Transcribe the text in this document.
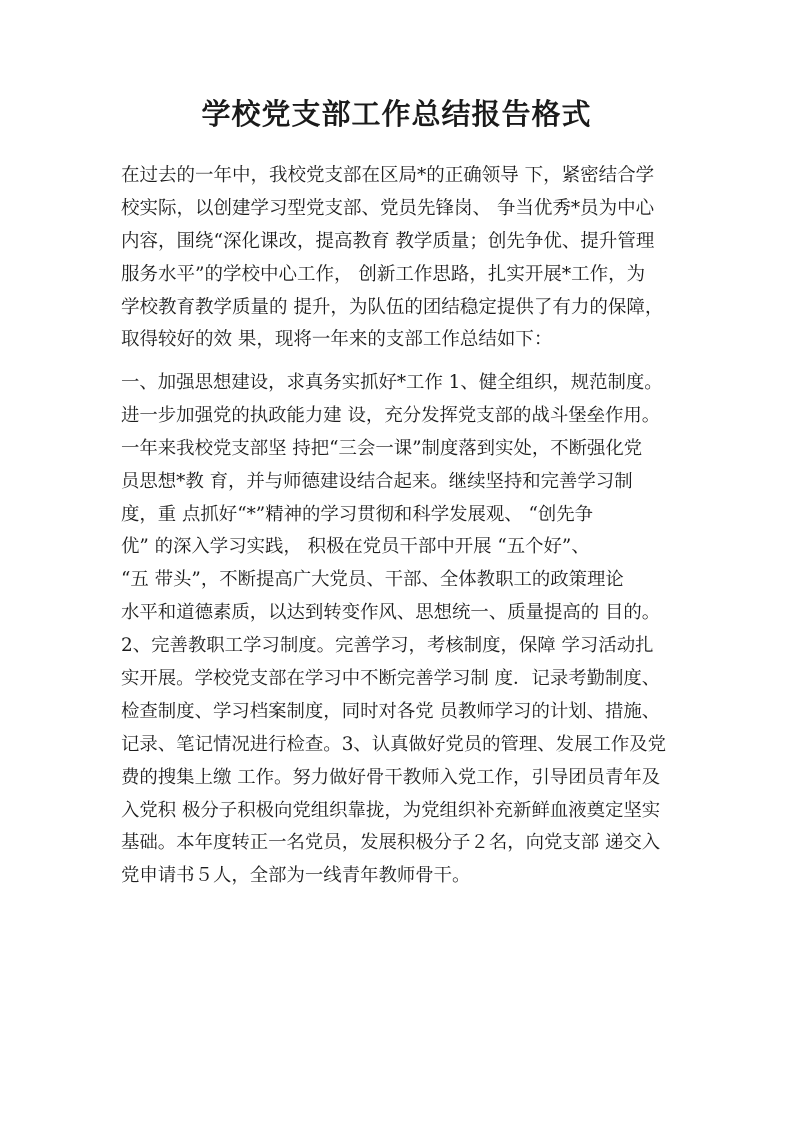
学校党支部工作总结报告格式
在过去的一年中，我校党支部在区局*的正确领导 下，紧密结合学
校实际，以创建学习型党支部、党员先锋岗、 争当优秀*员为中心
内容，围绕“深化课改，提高教育 教学质量；创先争优、提升管理
服务水平”的学校中心工作， 创新工作思路，扎实开展*工作，为
学校教育教学质量的 提升，为队伍的团结稳定提供了有力的保障，
取得较好的效 果，现将一年来的支部工作总结如下：
一、加强思想建设，求真务实抓好*工作 1、健全组织，规范制度。
进一步加强党的执政能力建 设，充分发挥党支部的战斗堡垒作用。
一年来我校党支部坚 持把“三会一课”制度落到实处，不断强化党
员思想*教 育，并与师德建设结合起来。继续坚持和完善学习制
度，重 点抓好“*”精神的学习贯彻和科学发展观、 “创先争
优” 的深入学习实践， 积极在党员干部中开展 “五个好”、
“五 带头”，不断提高广大党员、干部、全体教职工的政策理论
水平和道德素质，以达到转变作风、思想统一、质量提高的 目的。
2、完善教职工学习制度。完善学习，考核制度，保障 学习活动扎
实开展。学校党支部在学习中不断完善学习制 度．记录考勤制度、
检查制度、学习档案制度，同时对各党 员教师学习的计划、措施、
记录、笔记情况进行检查。3、认真做好党员的管理、发展工作及党
费的搜集上缴 工作。努力做好骨干教师入党工作，引导团员青年及
入党积 极分子积极向党组织靠拢，为党组织补充新鲜血液奠定坚实
基础。本年度转正一名党员，发展积极分子２名，向党支部 递交入
党申请书５人，全部为一线青年教师骨干。
